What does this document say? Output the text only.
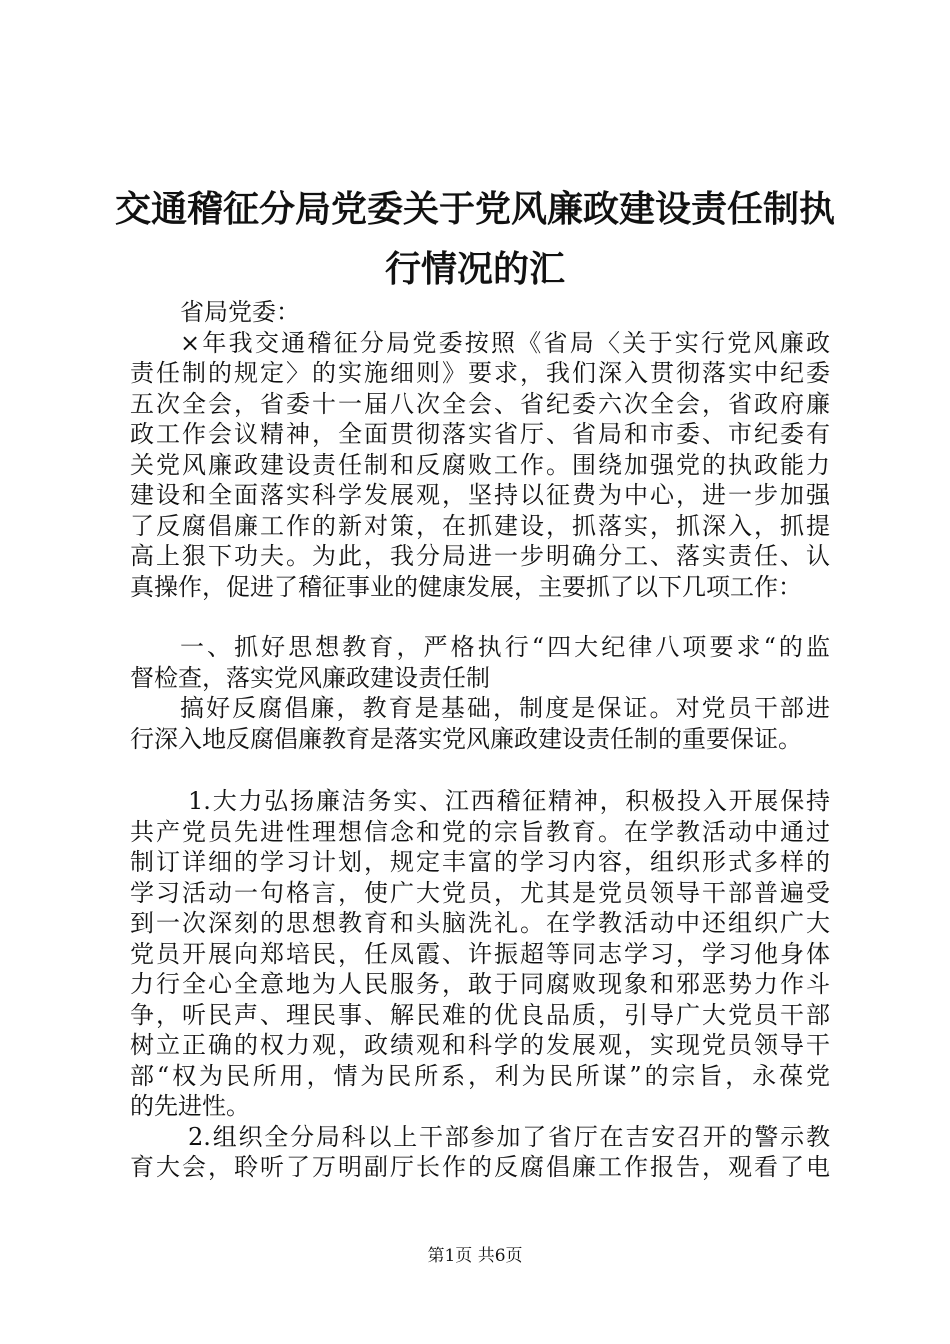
交通稽征分局党委关于党风廉政建设责任制执
行情况的汇
省局党委：
×年我交通稽征分局党委按照《省局〈关于实行党风廉政
责任制的规定〉的实施细则》要求，我们深入贯彻落实中纪委
五次全会，省委十一届八次全会、省纪委六次全会，省政府廉
政工作会议精神，全面贯彻落实省厅、省局和市委、市纪委有
关党风廉政建设责任制和反腐败工作。围绕加强党的执政能力
建设和全面落实科学发展观，坚持以征费为中心，进一步加强
了反腐倡廉工作的新对策，在抓建设，抓落实，抓深入，抓提
高上狠下功夫。为此，我分局进一步明确分工、落实责任、认
真操作，促进了稽征事业的健康发展，主要抓了以下几项工作：
一、抓好思想教育，严格执行“四大纪律八项要求“的监
督检查，落实党风廉政建设责任制
搞好反腐倡廉，教育是基础，制度是保证。对党员干部进
行深入地反腐倡廉教育是落实党风廉政建设责任制的重要保证。
1.大力弘扬廉洁务实、江西稽征精神，积极投入开展保持
共产党员先进性理想信念和党的宗旨教育。在学教活动中通过
制订详细的学习计划，规定丰富的学习内容，组织形式多样的
学习活动一句格言，使广大党员，尤其是党员领导干部普遍受
到一次深刻的思想教育和头脑洗礼。在学教活动中还组织广大
党员开展向郑培民，任凤霞、许振超等同志学习，学习他身体
力行全心全意地为人民服务，敢于同腐败现象和邪恶势力作斗
争，听民声、理民事、解民难的优良品质，引导广大党员干部
树立正确的权力观，政绩观和科学的发展观，实现党员领导干
部“权为民所用，情为民所系，利为民所谋”的宗旨，永葆党
的先进性。
2.组织全分局科以上干部参加了省厅在吉安召开的警示教
育大会，聆听了万明副厅长作的反腐倡廉工作报告，观看了电
第1页 共6页
